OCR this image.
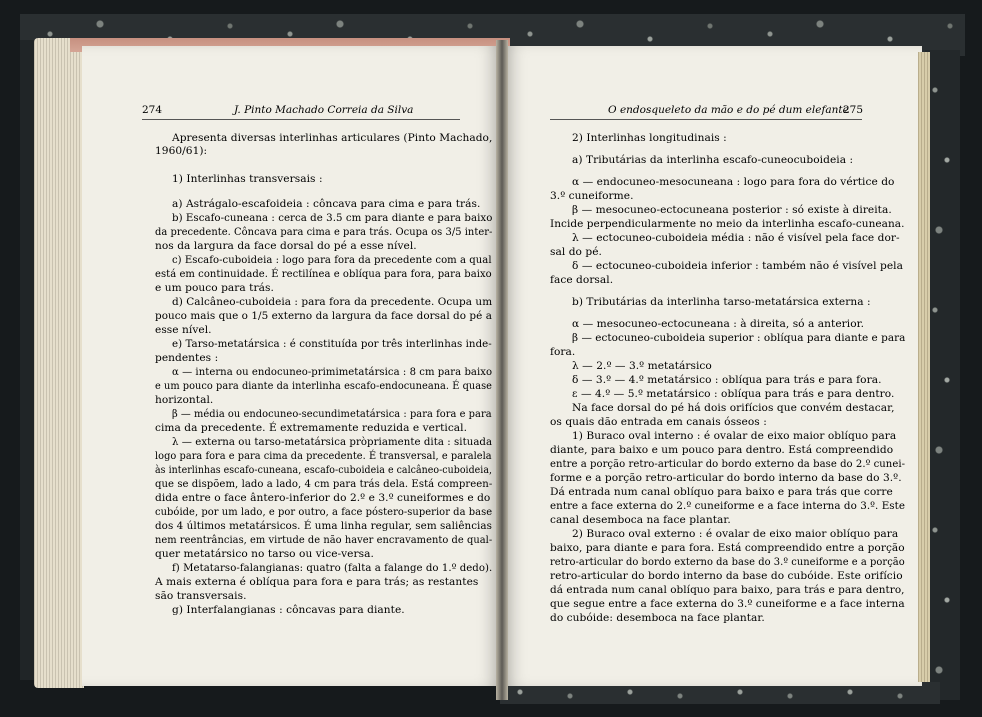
274	J. Pinto Machado Correia da Silva	O endosqueleto da mão e do pé dum elefante
275
Apresenta diversas interlinhas articulares (Pinto Machado,
1960/61):
1) Interlinhas transversais :
a) Astrágalo-escafoideia : côncava para cima e para trás.
b) Escafo-cuneana : cerca de 3.5 cm para diante e para baixo
da precedente. Côncava para cima e para trás. Ocupa os 3/5 inter-
nos da largura da face dorsal do pé a esse nível.
c) Escafo-cuboideia : logo para fora da precedente com a qual
está em continuidade. É rectilínea e oblíqua para fora, para baixo
e um pouco para trás.
d) Calcâneo-cuboideia : para fora da precedente. Ocupa um
pouco mais que o 1/5 externo da largura da face dorsal do pé a
esse nível.
e) Tarso-metatársica : é constituída por três interlinhas inde-
pendentes :
α — interna ou endocuneo-primimetatársica : 8 cm para baixo
e um pouco para diante da interlinha escafo-endocuneana. É quase
horizontal.
β — média ou endocuneo-secundimetatársica : para fora e para
cima da precedente. É extremamente reduzida e vertical.
λ — externa ou tarso-metatársica pròpriamente dita : situada
logo para fora e para cima da precedente. É transversal, e paralela
às interlinhas escafo-cuneana, escafo-cuboideia e calcâneo-cuboideia,
que se dispõem, lado a lado, 4 cm para trás dela. Está compreen-
dida entre o face ântero-inferior do 2.º e 3.º cuneiformes e do
cubóide, por um lado, e por outro, a face póstero-superior da base
dos 4 últimos metatársicos. É uma linha regular, sem saliências
nem reentrâncias, em virtude de não haver encravamento de qual-
quer metatársico no tarso ou vice-versa.
f) Metatarso-falangianas: quatro (falta a falange do 1.º dedo).
A mais externa é oblíqua para fora e para trás; as restantes
são transversais.
g) Interfalangianas : côncavas para diante.
2) Interlinhas longitudinais :
a) Tributárias da interlinha escafo-cuneocuboideia :
α — endocuneo-mesocuneana : logo para fora do vértice do
3.º cuneiforme.
β — mesocuneo-ectocuneana posterior : só existe à direita.
Incide perpendicularmente no meio da interlinha escafo-cuneana.
λ — ectocuneo-cuboideia média : não é visível pela face dor-
sal do pé.
δ — ectocuneo-cuboideia inferior : também não é visível pela
face dorsal.
b) Tributárias da interlinha tarso-metatársica externa :
α — mesocuneo-ectocuneana : à direita, só a anterior.
β — ectocuneo-cuboideia superior : oblíqua para diante e para
fora.
λ — 2.º — 3.º metatársico
δ — 3.º — 4.º metatársico : oblíqua para trás e para fora.
ε — 4.º — 5.º metatársico : oblíqua para trás e para dentro.
Na face dorsal do pé há dois orifícios que convém destacar,
os quais dão entrada em canais ósseos :
1) Buraco oval interno : é ovalar de eixo maior oblíquo para
diante, para baixo e um pouco para dentro. Está compreendido
entre a porção retro-articular do bordo externo da base do 2.º cunei-
forme e a porção retro-articular do bordo interno da base do 3.º.
Dá entrada num canal oblíquo para baixo e para trás que corre
entre a face externa do 2.º cuneiforme e a face interna do 3.º. Este
canal desemboca na face plantar.
2) Buraco oval externo : é ovalar de eixo maior oblíquo para
baixo, para diante e para fora. Está compreendido entre a porção
retro-articular do bordo externo da base do 3.º cuneiforme e a porção
retro-articular do bordo interno da base do cubóide. Este orifício
dá entrada num canal oblíquo para baixo, para trás e para dentro,
que segue entre a face externa do 3.º cuneiforme e a face interna
do cubóide: desemboca na face plantar.
